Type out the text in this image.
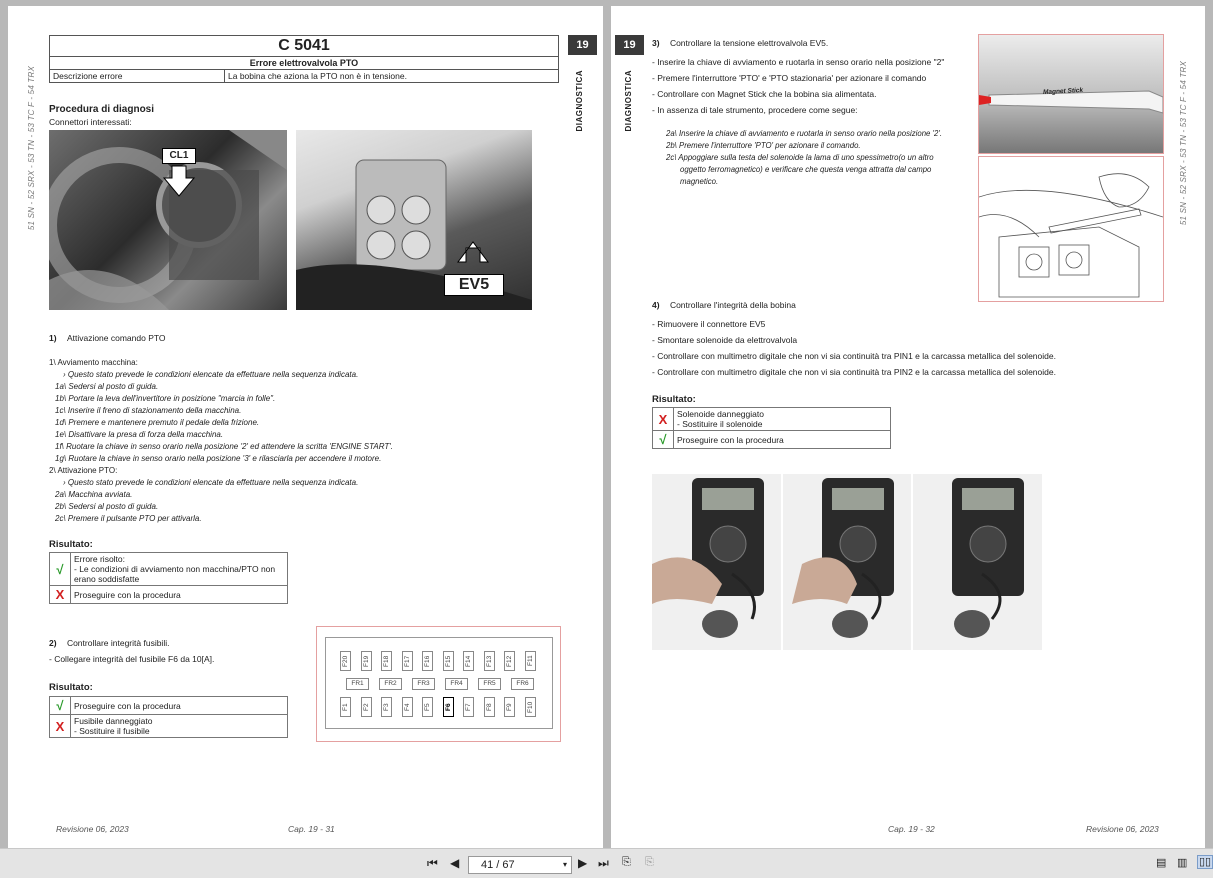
51 SN - 52 SRX - 53 TN - 53 TC F - 54 TRX
19
DIAGNOSTICA
C 5041
Errore elettrovalvola PTO
Descrizione errore	La bobina che aziona la PTO non è in tensione.
Procedura di diagnosi
Connettori interessati:
CL1
EV5
1) Attivazione comando PTO
1\ Avviamento macchina:
› Questo stato prevede le condizioni elencate da effettuare nella sequenza indicata.
1a\ Sedersi al posto di guida.
1b\ Portare la leva dell'invertitore in posizione "marcia in folle".
1c\ Inserire il freno di stazionamento della macchina.
1d\ Premere e mantenere premuto il pedale della frizione.
1e\ Disattivare la presa di forza della macchina.
1f\ Ruotare la chiave in senso orario nella posizione '2' ed attendere la scritta 'ENGINE START'.
1g\ Ruotare la chiave in senso orario nella posizione '3' e rilasciarla per accendere il motore.
2\ Attivazione PTO:
› Questo stato prevede le condizioni elencate da effettuare nella sequenza indicata.
2a\ Macchina avviata.
2b\ Sedersi al posto di guida.
2c\ Premere il pulsante PTO per attivarla.
Risultato:
√	Errore risolto:
- Le condizioni di avviamento non macchina/PTO non erano soddisfatte

X	Proseguire con la procedura
2) Controllare integrità fusibili.
- Collegare integrità del fusibile F6 da 10[A].
Risultato:
√	Proseguire con la procedura

X	Fusibile danneggiato
- Sostituire il fusibile
F20 F19 F18 F17 F16 F15 F14 F13 F12 F11
FR1	FR2	FR3	FR4	FR5	FR6
F1 F2 F3 F4 F5 F6 F7 F8 F9 F10
Revisione 06, 2023	Cap. 19 - 31
19
DIAGNOSTICA	51 SN - 52 SRX - 53 TN - 53 TC F - 54 TRX
3) Controllare la tensione elettrovalvola EV5.
- Inserire la chiave di avviamento e ruotarla in senso orario nella posizione "2"
- Premere l'interruttore 'PTO' e 'PTO stazionaria' per azionare il comando
- Controllare con Magnet Stick che la bobina sia alimentata.
- In assenza di tale strumento, procedere come segue:
2a\ Inserire la chiave di avviamento e ruotarla in senso orario nella posizione '2'.
2b\ Premere l'interruttore 'PTO' per azionare il comando.
2c\ Appoggiare sulla testa del solenoide la lama di uno spessimetro(o un altro
oggetto ferromagnetico) e verificare che questa venga attratta dal campo
magnetico.
Magnet Stick
4) Controllare l'integrità della bobina
- Rimuovere il connettore EV5
- Smontare solenoide da elettrovalvola
- Controllare con multimetro digitale che non vi sia continuità tra PIN1 e la carcassa metallica del solenoide.
- Controllare con multimetro digitale che non vi sia continuità tra PIN2 e la carcassa metallica del solenoide.
Risultato:
X	Solenoide danneggiato
- Sostituire il solenoide

√	Proseguire con la procedura
Cap. 19 - 32	Revisione 06, 2023
⏮ ◀ 41 / 67	▾ ▶ ⏭ ⎘ ⎘	▤ ▥ ▯▯
